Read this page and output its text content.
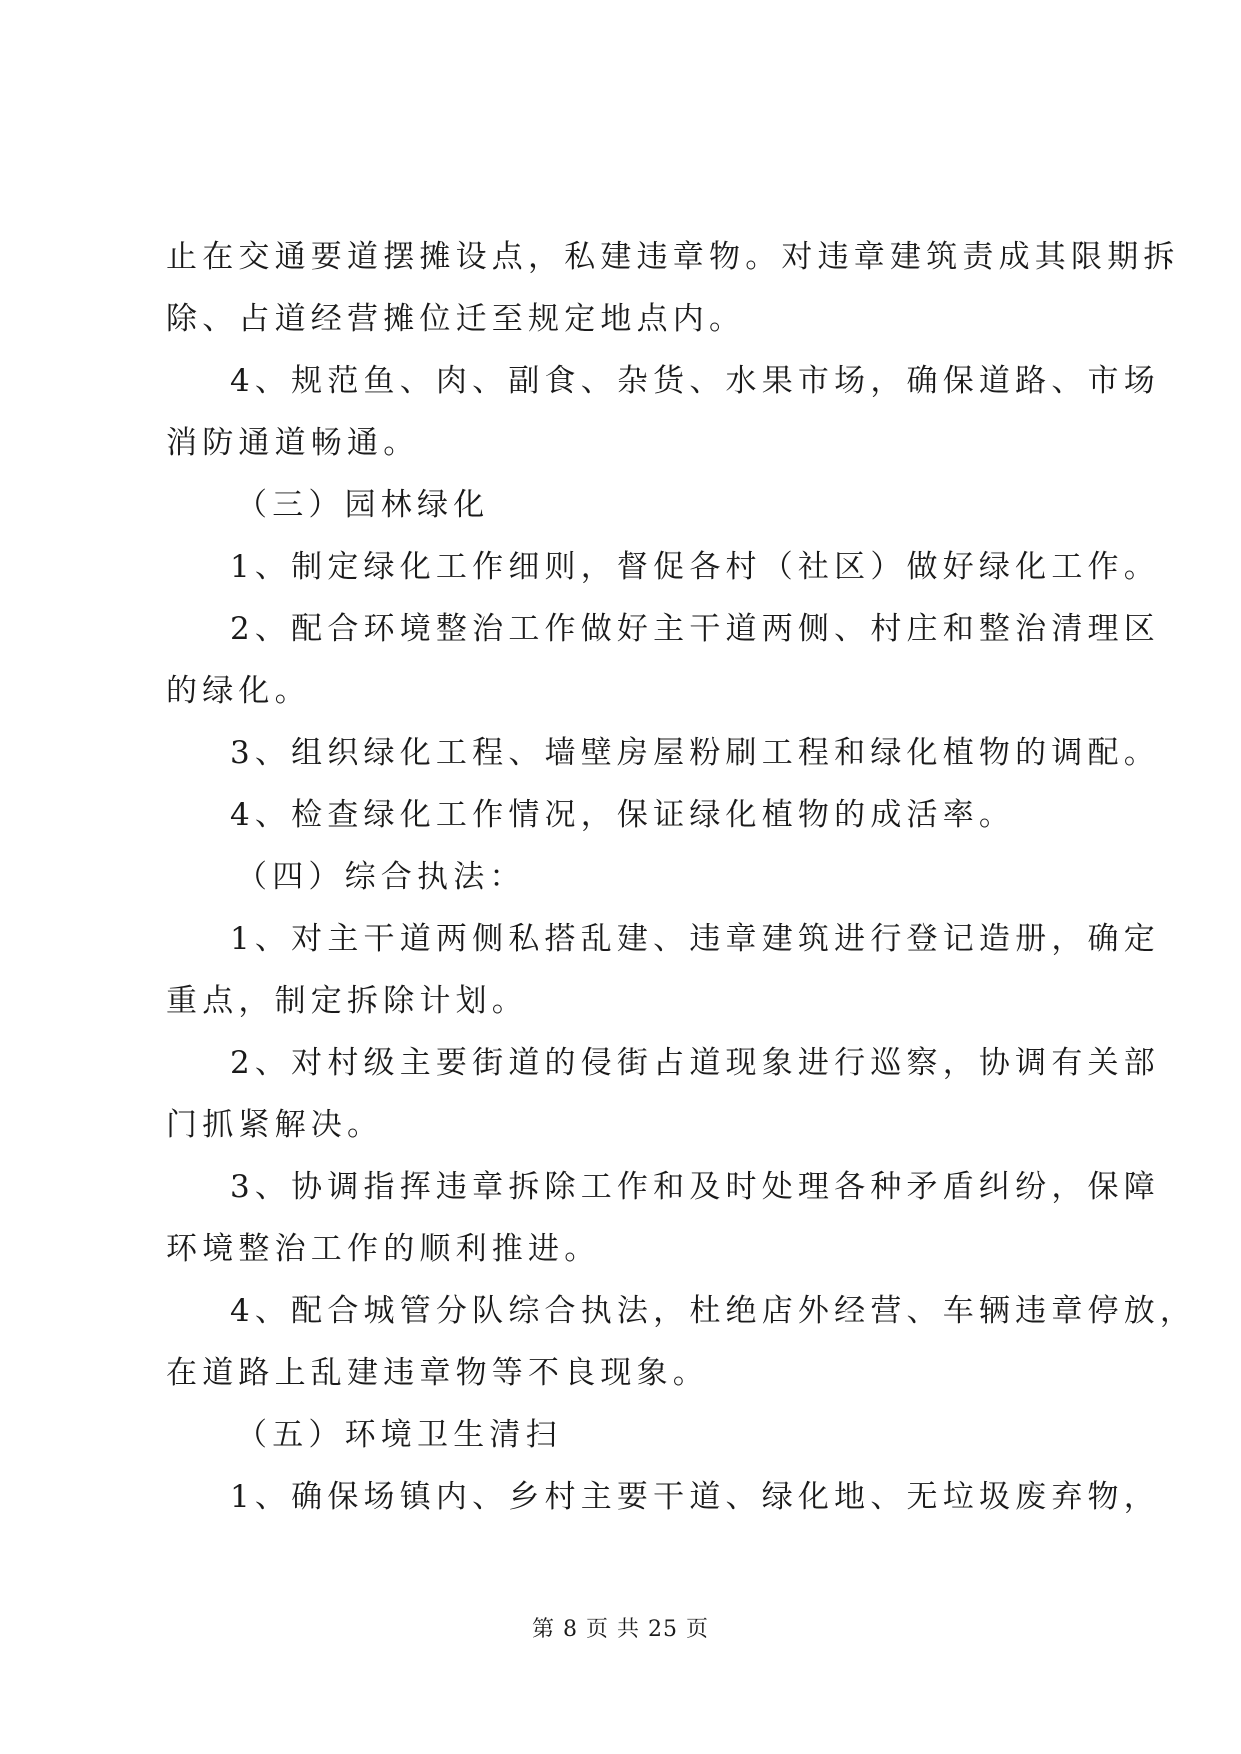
止在交通要道摆摊设点，私建违章物。对违章建筑责成其限期拆
除、占道经营摊位迁至规定地点内。
4、规范鱼、肉、副食、杂货、水果市场，确保道路、市场
消防通道畅通。
（三）园林绿化
1、制定绿化工作细则，督促各村（社区）做好绿化工作。
2、配合环境整治工作做好主干道两侧、村庄和整治清理区
的绿化。
3、组织绿化工程、墙壁房屋粉刷工程和绿化植物的调配。
4、检查绿化工作情况，保证绿化植物的成活率。
（四）综合执法：
1、对主干道两侧私搭乱建、违章建筑进行登记造册，确定
重点，制定拆除计划。
2、对村级主要街道的侵街占道现象进行巡察，协调有关部
门抓紧解决。
3、协调指挥违章拆除工作和及时处理各种矛盾纠纷，保障
环境整治工作的顺利推进。
4、配合城管分队综合执法，杜绝店外经营、车辆违章停放，
在道路上乱建违章物等不良现象。
（五）环境卫生清扫
1、确保场镇内、乡村主要干道、绿化地、无垃圾废弃物，
第 8 页 共 25 页
